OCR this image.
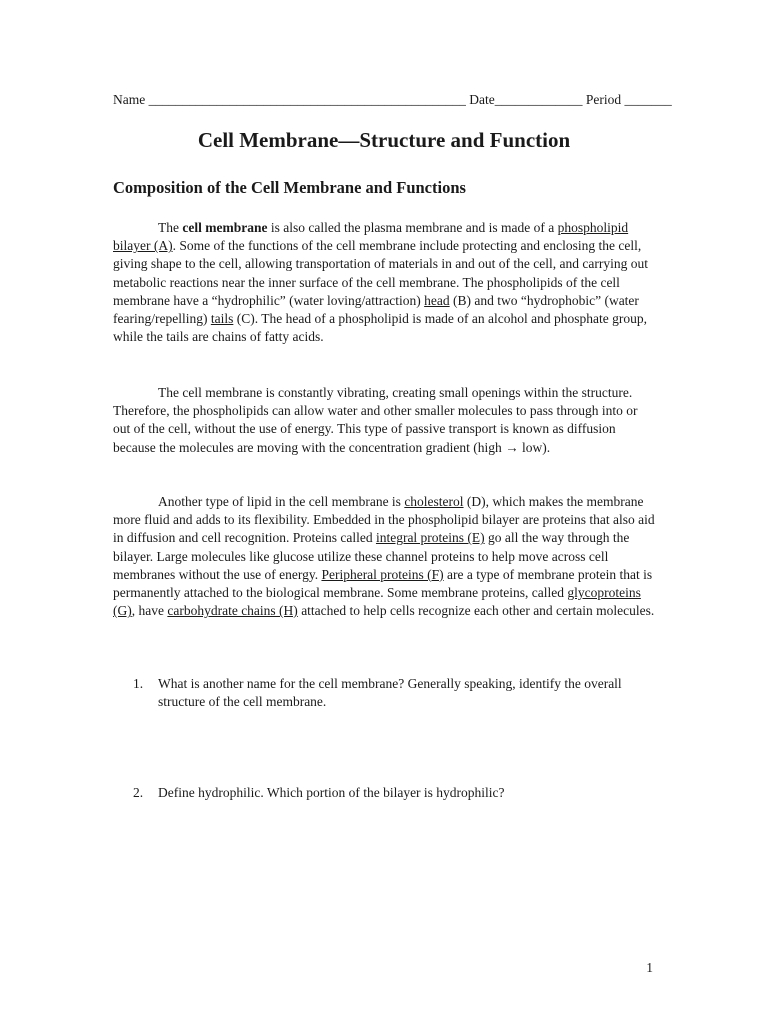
Name _______________________________________________ Date_____________ Period _______
Cell Membrane—Structure and Function
Composition of the Cell Membrane and Functions
The cell membrane is also called the plasma membrane and is made of a phospholipid bilayer (A). Some of the functions of the cell membrane include protecting and enclosing the cell, giving shape to the cell, allowing transportation of materials in and out of the cell, and carrying out metabolic reactions near the inner surface of the cell membrane. The phospholipids of the cell membrane have a “hydrophilic” (water loving/attraction) head (B) and two “hydrophobic” (water fearing/repelling) tails (C). The head of a phospholipid is made of an alcohol and phosphate group, while the tails are chains of fatty acids.
The cell membrane is constantly vibrating, creating small openings within the structure. Therefore, the phospholipids can allow water and other smaller molecules to pass through into or out of the cell, without the use of energy. This type of passive transport is known as diffusion because the molecules are moving with the concentration gradient (high → low).
Another type of lipid in the cell membrane is cholesterol (D), which makes the membrane more fluid and adds to its flexibility. Embedded in the phospholipid bilayer are proteins that also aid in diffusion and cell recognition. Proteins called integral proteins (E) go all the way through the bilayer. Large molecules like glucose utilize these channel proteins to help move across cell membranes without the use of energy. Peripheral proteins (F) are a type of membrane protein that is permanently attached to the biological membrane. Some membrane proteins, called glycoproteins (G), have carbohydrate chains (H) attached to help cells recognize each other and certain molecules.
1. What is another name for the cell membrane? Generally speaking, identify the overall structure of the cell membrane.
2. Define hydrophilic. Which portion of the bilayer is hydrophilic?
1
